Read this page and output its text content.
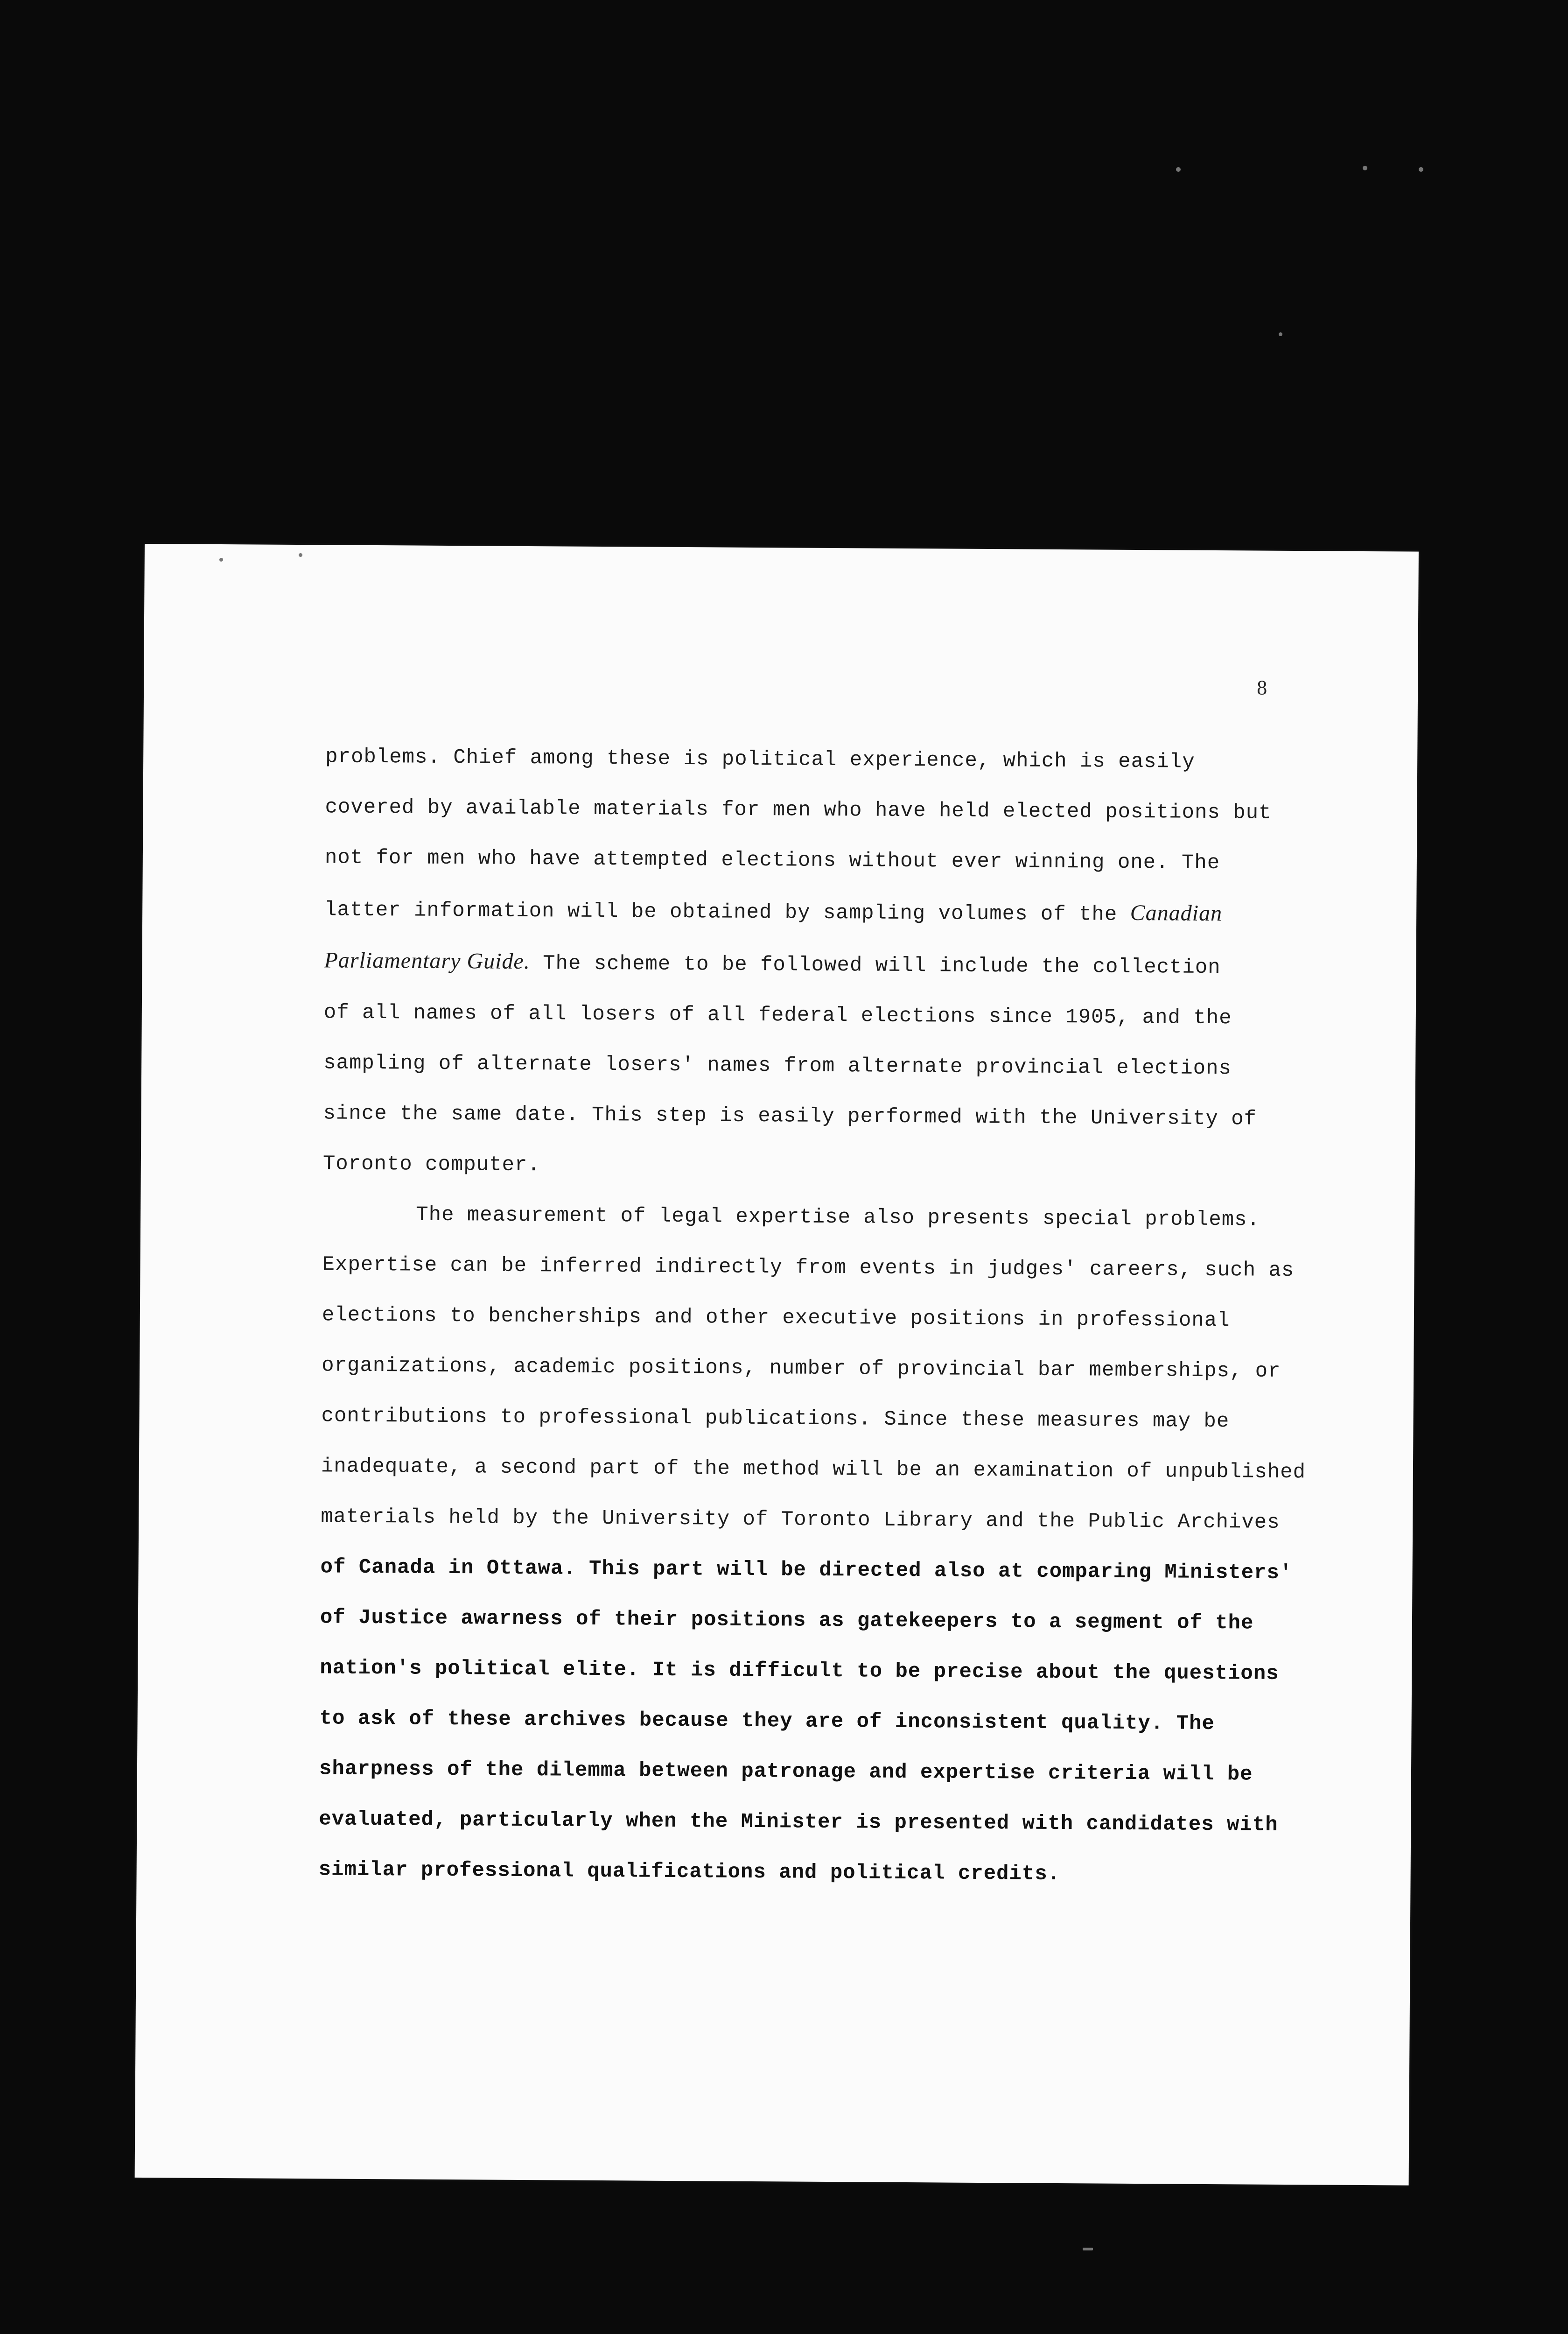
8
problems. Chief among these is political experience, which is easily
covered by available materials for men who have held elected positions but
not for men who have attempted elections without ever winning one. The
latter information will be obtained by sampling volumes of the Canadian
Parliamentary Guide. The scheme to be followed will include the collection
of all names of all losers of all federal elections since 1905, and the
sampling of alternate losers' names from alternate provincial elections
since the same date. This step is easily performed with the University of
Toronto computer.
The measurement of legal expertise also presents special problems.
Expertise can be inferred indirectly from events in judges' careers, such as
elections to bencherships and other executive positions in professional
organizations, academic positions, number of provincial bar memberships, or
contributions to professional publications. Since these measures may be
inadequate, a second part of the method will be an examination of unpublished
materials held by the University of Toronto Library and the Public Archives
of Canada in Ottawa. This part will be directed also at comparing Ministers'
of Justice awarness of their positions as gatekeepers to a segment of the
nation's political elite. It is difficult to be precise about the questions
to ask of these archives because they are of inconsistent quality. The
sharpness of the dilemma between patronage and expertise criteria will be
evaluated, particularly when the Minister is presented with candidates with
similar professional qualifications and political credits.
